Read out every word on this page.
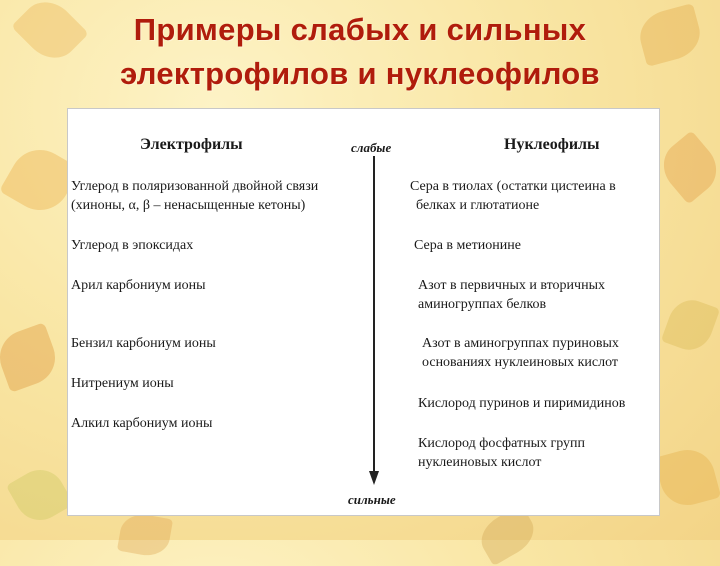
Примеры слабых и сильных
электрофилов и нуклеофилов
Электрофилы	Нуклеофилы
слабые
сильные
Углерод в поляризованной двойной связи
(хиноны, α, β – ненасыщенные кетоны)
Углерод в эпоксидах
Арил карбониум ионы
Бензил карбониум ионы
Нитрениум ионы
Алкил карбониум ионы
Сера в тиолах (остатки цистеина в
белках и глютатионе
Сера в метионине
Азот в первичных и вторичных
аминогруппах белков
Азот в аминогруппах пуриновых
основаниях нуклеиновых кислот
Кислород пуринов и пиримидинов
Кислород фосфатных групп
нуклеиновых кислот
